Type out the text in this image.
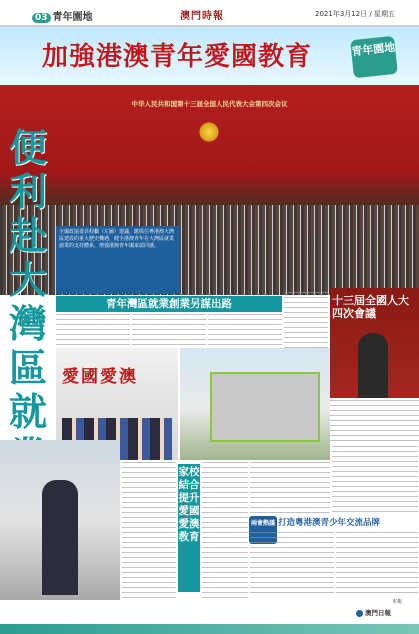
03 青年園地	澳門時報	2021年3月12日 / 星期五
加強港澳青年愛國教育	青年園地
中华人民共和国第十三届全国人民代表大会第四次会议
全國政協委員程鵬（左圖）建議，應抓住粵港澳大灣區建設的重大歷史機遇，健全港澳青年在大灣區就業創業的支持體系，增強港澳青年國家認同感。
便利赴大灣區就
青年灣區就業創業另謀出路
愛國愛澳
十三屆全國人大四次會議
家校結合提升愛國愛澳教育
兩會熱議 打造粵港澳青少年交流品牌
本報
澳門日報
